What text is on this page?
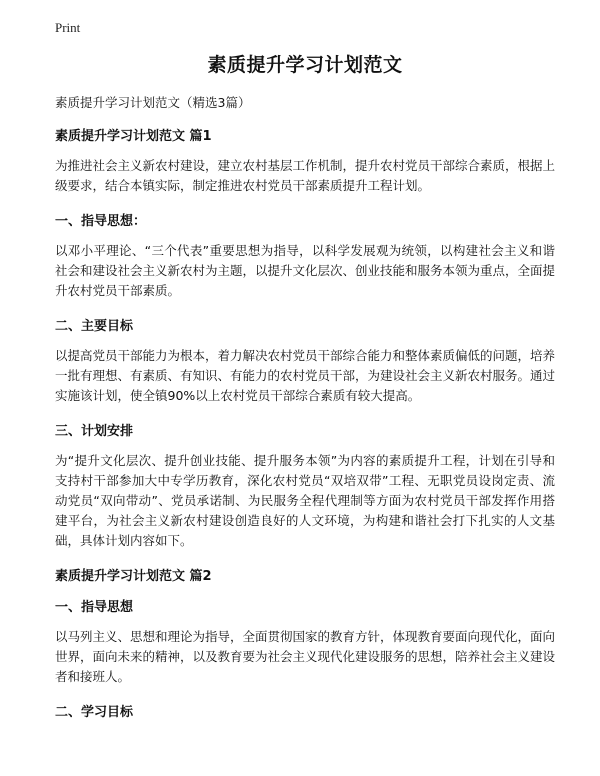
Print
素质提升学习计划范文
素质提升学习计划范文（精选3篇）
素质提升学习计划范文 篇1
为推进社会主义新农村建设，建立农村基层工作机制，提升农村党员干部综合素质，根据上级要求，结合本镇实际，制定推进农村党员干部素质提升工程计划。
一、指导思想：
以邓小平理论、“三个代表”重要思想为指导，以科学发展观为统领，以构建社会主义和谐社会和建设社会主义新农村为主题，以提升文化层次、创业技能和服务本领为重点，全面提升农村党员干部素质。
二、主要目标
以提高党员干部能力为根本，着力解决农村党员干部综合能力和整体素质偏低的问题，培养一批有理想、有素质、有知识、有能力的农村党员干部，为建设社会主义新农村服务。通过实施该计划，使全镇90%以上农村党员干部综合素质有较大提高。
三、计划安排
为“提升文化层次、提升创业技能、提升服务本领”为内容的素质提升工程，计划在引导和支持村干部参加大中专学历教育，深化农村党员“双培双带”工程、无职党员设岗定责、流动党员“双向带动”、党员承诺制、为民服务全程代理制等方面为农村党员干部发挥作用搭建平台，为社会主义新农村建设创造良好的人文环境，为构建和谐社会打下扎实的人文基础，具体计划内容如下。
素质提升学习计划范文 篇2
一、指导思想
以马列主义、思想和理论为指导，全面贯彻国家的教育方针，体现教育要面向现代化，面向世界，面向未来的精神，以及教育要为社会主义现代化建设服务的思想，陪养社会主义建设者和接班人。
二、学习目标
